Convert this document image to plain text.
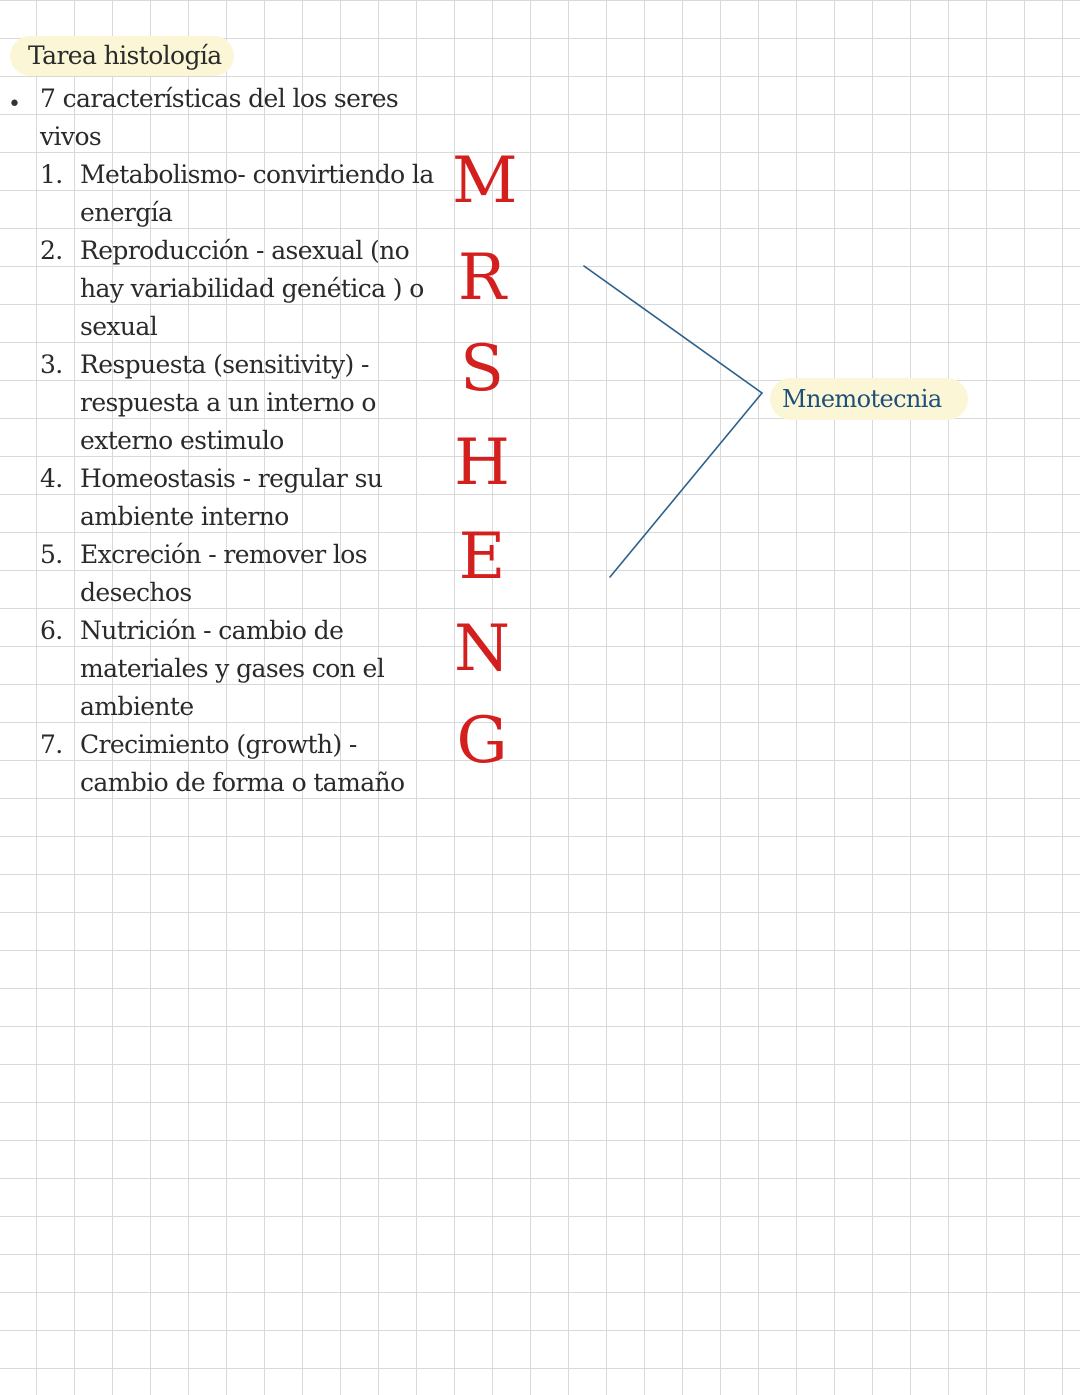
Tarea histología
• 7 características del los seres vivos
1. Metabolismo- convirtiendo la energía
2. Reproducción - asexual (no hay variabilidad genética ) o sexual
3. Respuesta (sensitivity) - respuesta a un interno o externo estimulo
4. Homeostasis - regular su ambiente interno
5. Excreción - remover los desechos
6. Nutrición - cambio de materiales y gases con el ambiente
7. Crecimiento (growth) - cambio de forma o tamaño
M
R
S
H
E
N
G
Mnemotecnia
